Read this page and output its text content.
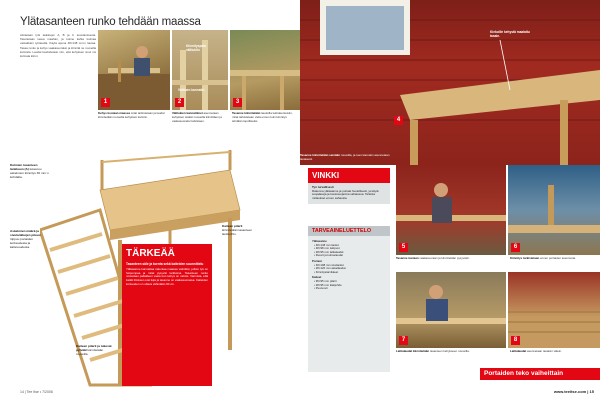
Ylätasanteen runko tehdään maassa
Aloitetaan työt laukkujen A, B ja C avustamisesta. Tasoitetaan tasoa maahan, ja kolme kahta kulmaa vastakkain työtasolla. Käytä apuna 48×148 mm:n lautaa. Tasaa runko ja kehys vaakasuoraksi ja kiinnitä ne ruuveilla kulmista. Laudat laudoitetaan niin, että kehyksen sivut voi kulmata kiinni.
1
Kiinnityspala välitukiin
Välituen kannatin
2	3
Kehys kootaan maassa mitat tarkistetaan ja laudat kiinnitetään ruuveilla kehyksen kulmiin.
Välitukien kannattimet asennetaan kehyksen sisään ruuveilla kiinnittäen ja vaakasuoraksi tarkistaen.
Tasanne kiinnitetään laudoilla tukirakenteisiin, mitat tarkistetaan vielä ennen kuin kiinnitys tehdään lopulliseksi.
Kulmien tasanteen lankkuun (A) tukeutuu askelmien kiinnitys 30 mm:n kohdalta.
Askelmien määrä ja sivulankkujen pituus riippuu portaiden korkeudesta ja kaltevuudesta.
Kaiteen pilarit kiinnitetään tasanteen lankkuihin.
Kaiteen pilarit ja tukevat pylväät kiinnitetään ruuveilla.
TÄRKEÄÄ
Tasanteen säle ja tuenta sekä kaiteiden suunnittelu
Ylätasanne kannattaa rakentaa maassa valmiiksi, jolloin työ on helpompaa ja mitat pysyvät tarkkoina. Tasanteen runko nostetaan paikalleen vasta kun kehys on valmis. Varmista, että kaikki liitokset ovat lujia ja tasanne on vaakasuorassa. Kaiteiden korkeuden on oltava vähintään 90 cm.
14 | Tee Itse • 7/2006
Kiekoille kehystä maalattu tasain.
4
Tasanne kiinnitetään seinään ruuveilla, ja tuen kannatin asennetaan tasaisesti.
VINKKI
Työ turvallisesti
Rakenna ylätasanne ja portaat huolellisesti, ja käytä suojalaseja ja kuulosuojaimia sahatessa. Tarkista mittaukset ennen sahausta.
TARVEAINELUETTELO
Ylätasanne
• 48×148 mm lankut
• 48×98 mm tukipuut
• 28×95 mm lattialaudat
• Ruuvit ja kulmaraudat
Portaat
• 48×198 mm sivulankut
• 28×120 mm askellaudat
• Kiinnitystarvikkeet
Kaiteet
• 95×95 mm pilarit
• 28×95 mm käsijohde
• Puuruuvit
5	6
Tasanne tuetaan vaakasuoraan ja kiinnitetään pysyvästi.	Kiinnitys tarkistetaan ennen portaiden asennusta.
7	8
Lattialaudat kiinnitetään tasanteen kehykseen ruuveilla.	Lattialaudat asennetaan tasaisin välein.
Portaiden teko vaiheittain
www.teeitse.com | 15
